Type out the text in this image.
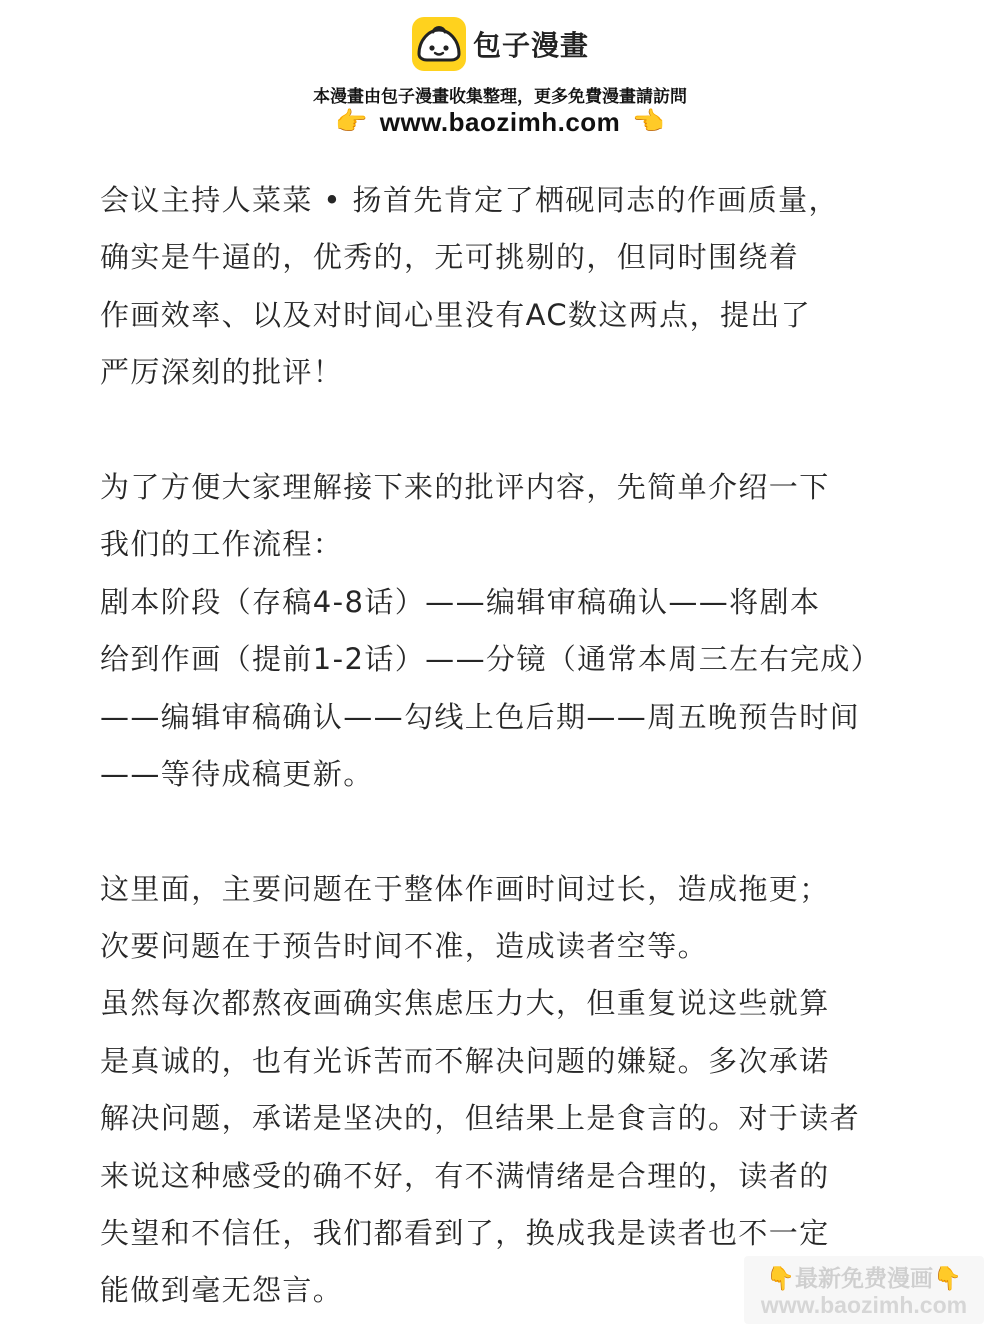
包子漫畫
本漫畫由包子漫畫收集整理，更多免費漫畫請訪問
👉 www.baozimh.com 👈
会议主持人菜菜 • 扬首先肯定了栖砚同志的作画质量，
确实是牛逼的，优秀的，无可挑剔的，但同时围绕着
作画效率、以及对时间心里没有AC数这两点，提出了
严厉深刻的批评！
为了方便大家理解接下来的批评内容，先简单介绍一下
我们的工作流程：
剧本阶段（存稿4-8话）——编辑审稿确认——将剧本
给到作画（提前1-2话）——分镜（通常本周三左右完成）
——编辑审稿确认——勾线上色后期——周五晚预告时间
——等待成稿更新。
这里面，主要问题在于整体作画时间过长，造成拖更；
次要问题在于预告时间不准，造成读者空等。
虽然每次都熬夜画确实焦虑压力大，但重复说这些就算
是真诚的，也有光诉苦而不解决问题的嫌疑。多次承诺
解决问题，承诺是坚决的，但结果上是食言的。对于读者
来说这种感受的确不好，有不满情绪是合理的，读者的
失望和不信任，我们都看到了，换成我是读者也不一定
能做到毫无怨言。	👇最新免费漫画👇
www.baozimh.com
